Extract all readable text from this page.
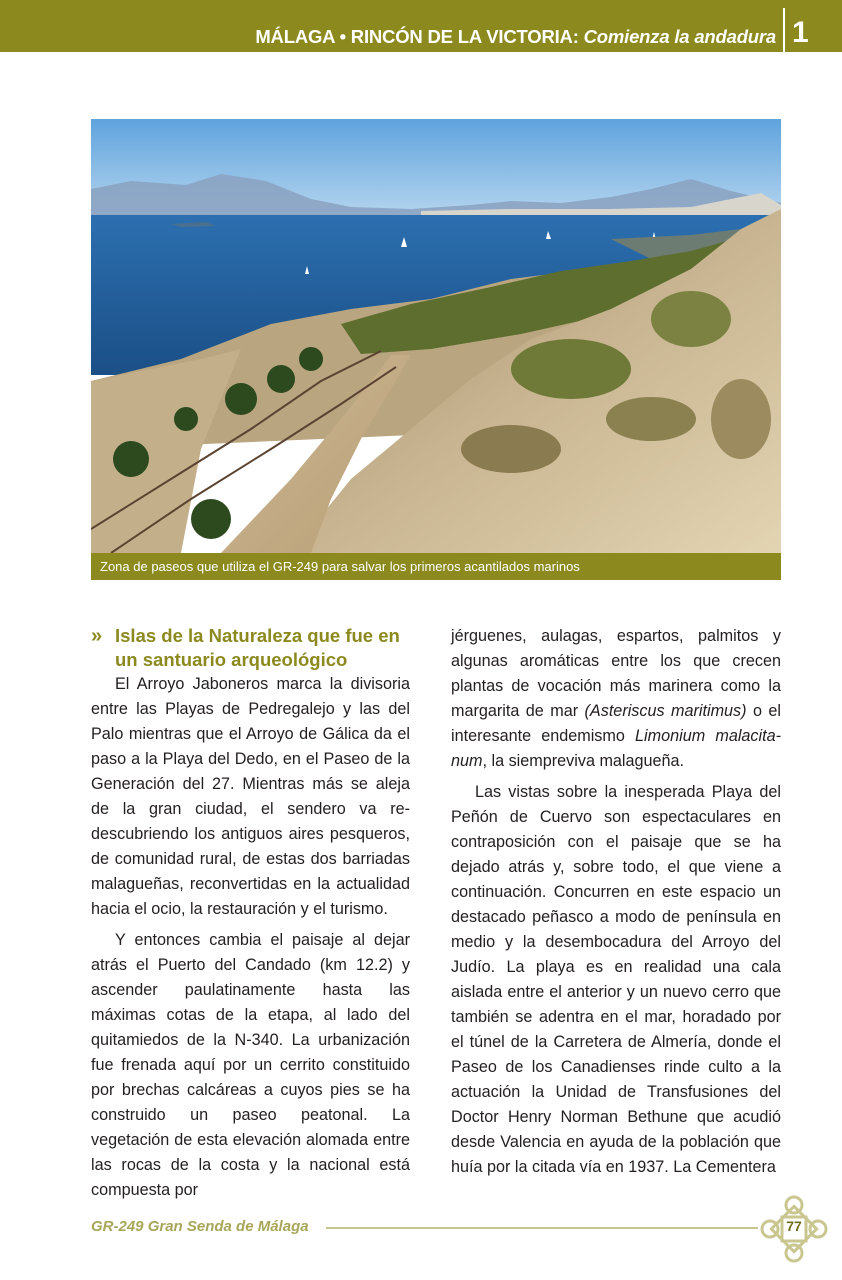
MÁLAGA • RINCÓN DE LA VICTORIA: Comienza la andadura 1
Zona de paseos que utiliza el GR-249 para salvar los primeros acantilados marinos
» Islas de la Naturaleza que fue en un santuario arqueológico

El Arroyo Jaboneros marca la divisoria entre las Playas de Pedregalejo y las del Palo mientras que el Arroyo de Gálica da el paso a la Playa del Dedo, en el Paseo de la Generación del 27. Mientras más se aleja de la gran ciudad, el sendero va re-descubriendo los antiguos aires pesqueros, de comunidad rural, de estas dos barriadas malagueñas, reconvertidas en la actualidad hacia el ocio, la restauración y el turismo.

Y entonces cambia el paisaje al dejar atrás el Puerto del Candado (km 12.2) y ascender paulatinamente hasta las máximas cotas de la etapa, al lado del quitamiedos de la N-340. La urbanización fue frenada aquí por un cerrito constituido por brechas calcáreas a cuyos pies se ha construido un paseo peatonal. La vegetación de esta elevación alomada entre las rocas de la costa y la nacional está compuesta por

jérguenes, aulagas, espartos, palmitos y algunas aromáticas entre los que crecen plantas de vocación más marinera como la margarita de mar (Asteriscus maritimus) o el interesante endemismo Limonium malacita-num, la siempreviva malagueña.

Las vistas sobre la inesperada Playa del Peñón de Cuervo son espectaculares en contraposición con el paisaje que se ha dejado atrás y, sobre todo, el que viene a continuación. Concurren en este espacio un destacado peñasco a modo de península en medio y la desembocadura del Arroyo del Judío. La playa es en realidad una cala aislada entre el anterior y un nuevo cerro que también se adentra en el mar, horadado por el túnel de la Carretera de Almería, donde el Paseo de los Canadienses rinde culto a la actuación la Unidad de Transfusiones del Doctor Henry Norman Bethune que acudió desde Valencia en ayuda de la población que huía por la citada vía en 1937. La Cementera

GR-249 Gran Senda de Málaga	77
